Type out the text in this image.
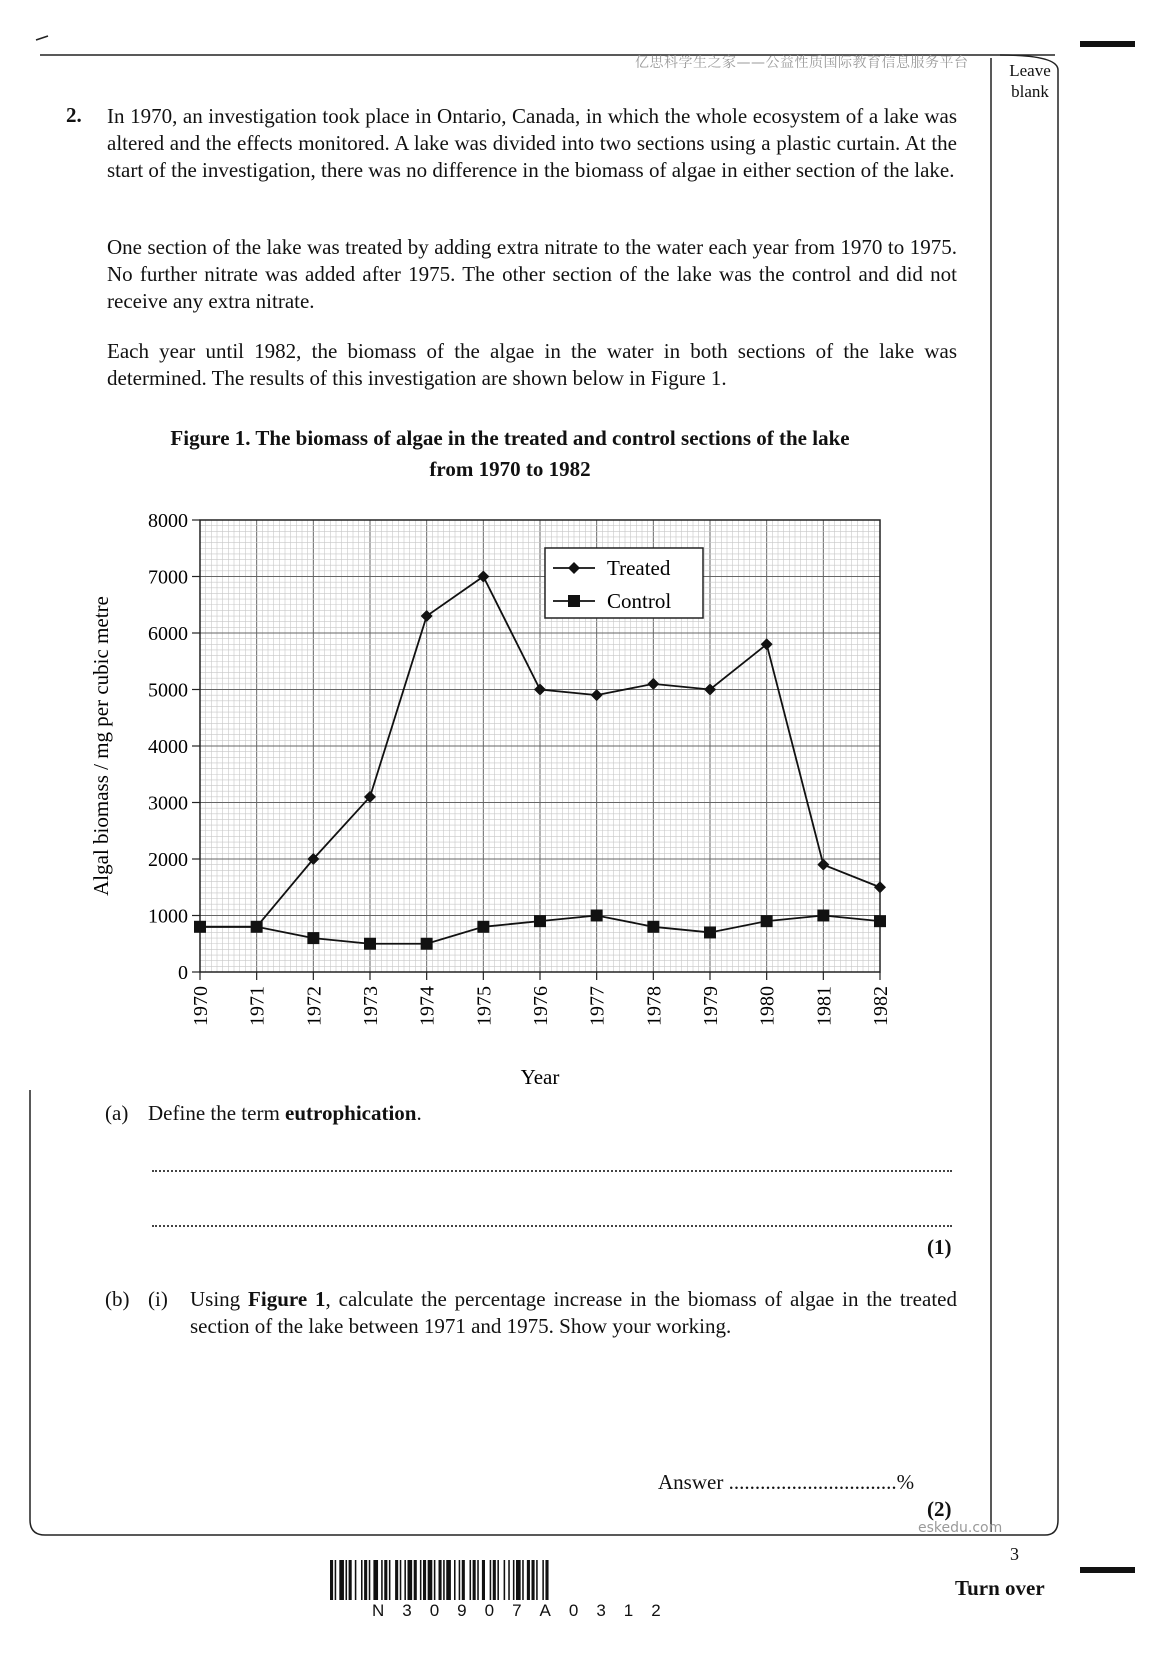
亿思科学生之家——公益性质国际教育信息服务平台	Leave
blank
2. In 1970, an investigation took place in Ontario, Canada, in which the whole ecosystem of a lake was altered and the effects monitored. A lake was divided into two sections using a plastic curtain. At the start of the investigation, there was no difference in the biomass of algae in either section of the lake.
One section of the lake was treated by adding extra nitrate to the water each year from 1970 to 1975. No further nitrate was added after 1975. The other section of the lake was the control and did not receive any extra nitrate.
Each year until 1982, the biomass of the algae in the water in both sections of the lake was determined. The results of this investigation are shown below in Figure 1.
Figure 1. The biomass of algae in the treated and control sections of the lake
from 1970 to 1982
0
1000
2000
3000
4000
5000
6000
7000
8000
1970 1971 1972 1973 1974 1975 1976 1977 1978 1979 1980 1981 1982
Year
Algal biomass / mg per cubic metre
Treated
Control
(a) Define the term eutrophication.
(1)
(b) (i) Using Figure 1, calculate the percentage increase in the biomass of algae in the treated section of the lake between 1971 and 1975. Show your working.
Answer ................................%
(2)
eskedu.com
3
Turn over
N30907A0312
